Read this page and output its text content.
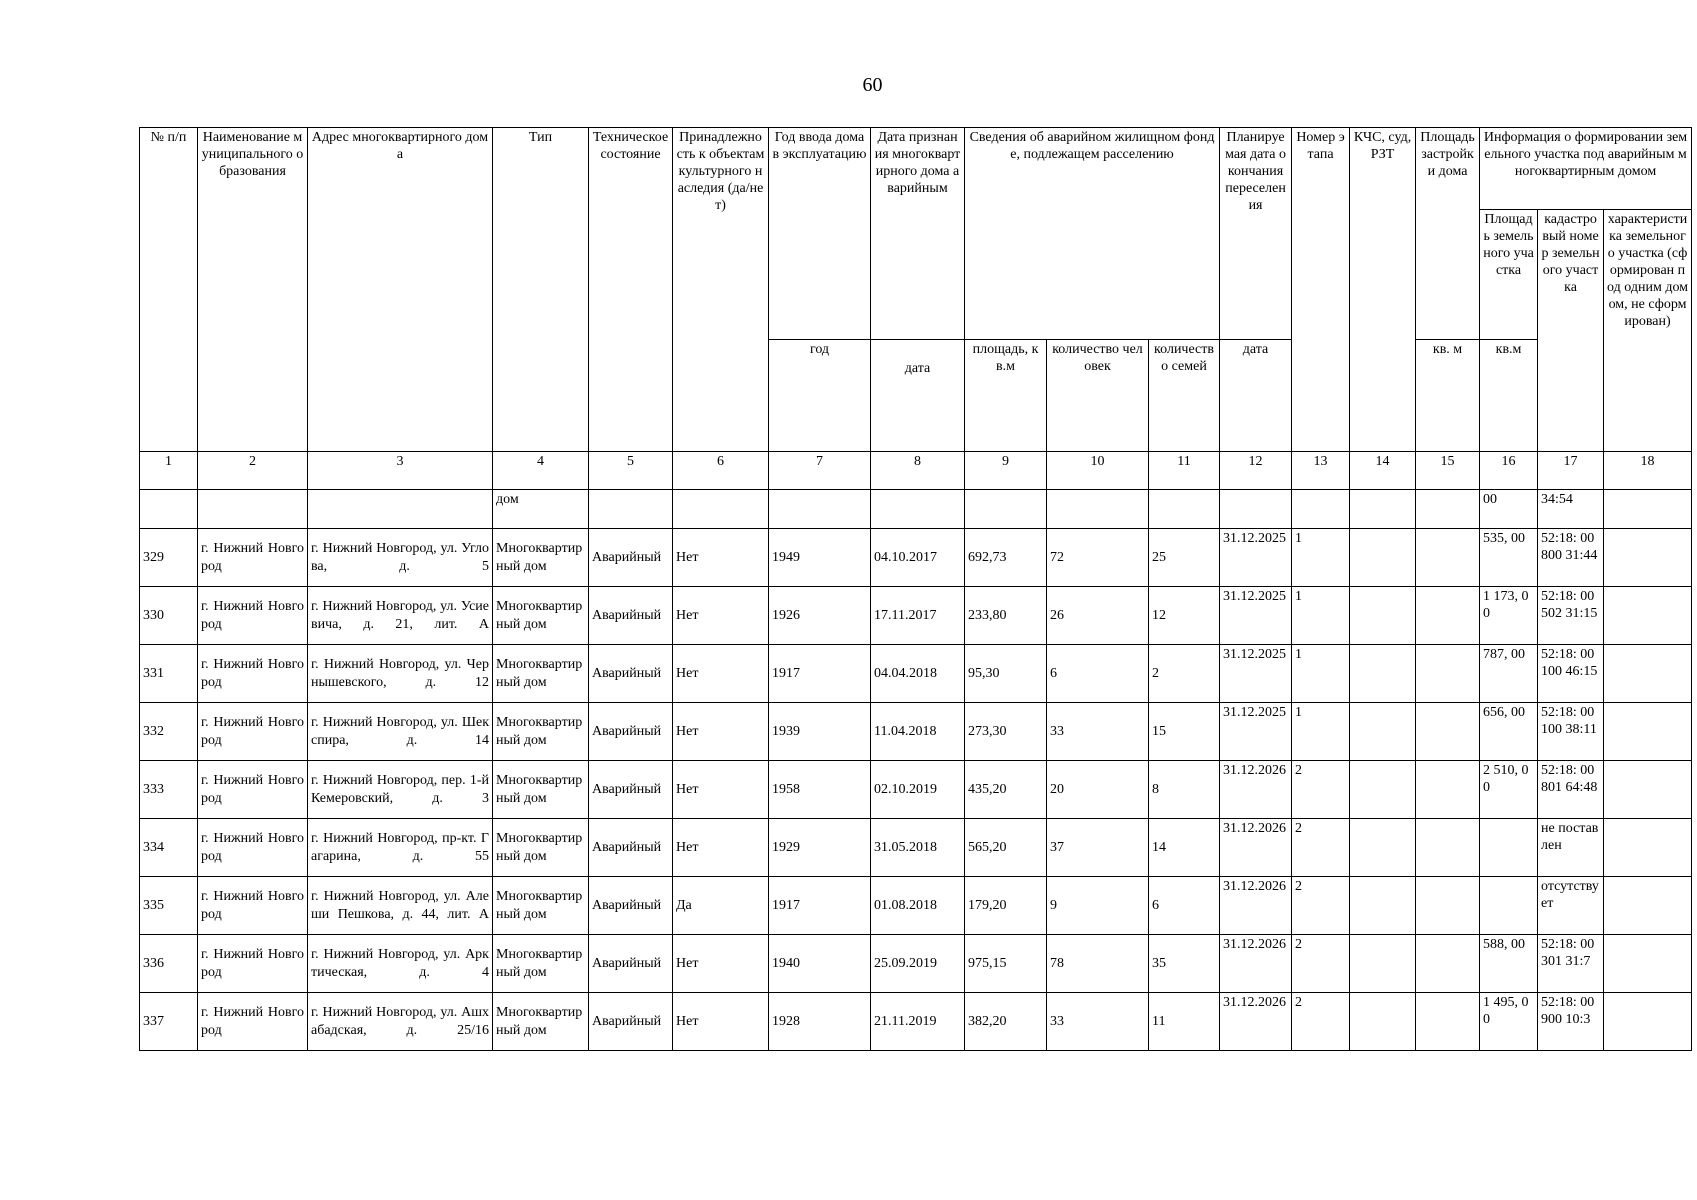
60
№ п/п	Наименование муниципального образования	Адрес многоквартирного дома	Тип	Техническое состояние	Принадлежность к объектам культурного наследия (да/нет)	Год ввода дома в эксплуатацию	Дата признания многоквартирного дома аварийным	Сведения об аварийном жилищном фонде, подлежащем расселению			Планируемая дата окончания переселения	Номер этапа	КЧС, суд, РЗТ	Площадь застройки дома	Информация о формировании земельного участка под аварийным многоквартирным домом		
															Площадь земельного участка	кадастровый номер земельного участка	характеристика земельного участка (сформирован под одним домом, не сформирован)
						год	дата	площадь, кв.м	количество человек	количество семей	дата			кв. м	кв.м		
1	2	3	4	5	6	7	8	9	10	11	12	13	14	15	16	17	18
			дом												00	34:54	
329	г. Нижний Новгород	г. Нижний Новгород, ул. Углова, д. 5	Многоквартирный дом	Аварийный	Нет	1949	04.10.2017	692,73	72	25	31.12.2025	1			535, 00	52:18: 00800 31:44	
330	г. Нижний Новгород	г. Нижний Новгород, ул. Усиевича, д. 21, лит. А	Многоквартирный дом	Аварийный	Нет	1926	17.11.2017	233,80	26	12	31.12.2025	1			1 173, 00	52:18: 00502 31:15	
331	г. Нижний Новгород	г. Нижний Новгород, ул. Чернышевского, д. 12	Многоквартирный дом	Аварийный	Нет	1917	04.04.2018	95,30	6	2	31.12.2025	1			787, 00	52:18: 00100 46:15	
332	г. Нижний Новгород	г. Нижний Новгород, ул. Шекспира, д. 14	Многоквартирный дом	Аварийный	Нет	1939	11.04.2018	273,30	33	15	31.12.2025	1			656, 00	52:18: 00100 38:11	
333	г. Нижний Новгород	г. Нижний Новгород, пер. 1-й Кемеровский, д. 3	Многоквартирный дом	Аварийный	Нет	1958	02.10.2019	435,20	20	8	31.12.2026	2			2 510, 00	52:18: 00801 64:48	
334	г. Нижний Новгород	г. Нижний Новгород, пр-кт. Гагарина, д. 55	Многоквартирный дом	Аварийный	Нет	1929	31.05.2018	565,20	37	14	31.12.2026	2				не поставлен	
335	г. Нижний Новгород	г. Нижний Новгород, ул. Алеши Пешкова, д. 44, лит. А	Многоквартирный дом	Аварийный	Да	1917	01.08.2018	179,20	9	6	31.12.2026	2				отсутствует	
336	г. Нижний Новгород	г. Нижний Новгород, ул. Арктическая, д. 4	Многоквартирный дом	Аварийный	Нет	1940	25.09.2019	975,15	78	35	31.12.2026	2			588, 00	52:18: 00301 31:7	
337	г. Нижний Новгород	г. Нижний Новгород, ул. Ашхабадская, д. 25/16	Многоквартирный дом	Аварийный	Нет	1928	21.11.2019	382,20	33	11	31.12.2026	2			1 495, 00	52:18: 00900 10:3	
